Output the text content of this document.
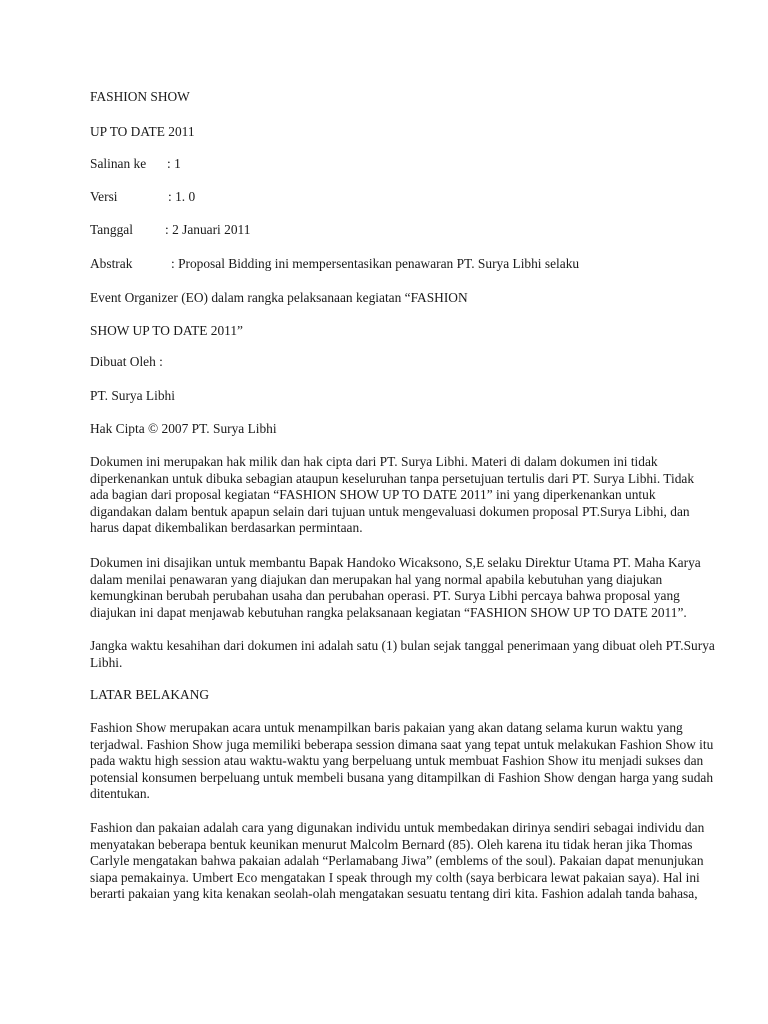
FASHION SHOW
UP TO DATE 2011
Salinan ke : 1
Versi	: 1. 0
Tanggal : 2 Januari 2011
Abstrak	: Proposal Bidding ini mempersentasikan penawaran PT. Surya Libhi selaku
Event Organizer (EO) dalam rangka pelaksanaan kegiatan “FASHION
SHOW UP TO DATE 2011”
Dibuat Oleh :
PT. Surya Libhi
Hak Cipta © 2007 PT. Surya Libhi
Dokumen ini merupakan hak milik dan hak cipta dari PT. Surya Libhi. Materi di dalam dokumen ini tidak
diperkenankan untuk dibuka sebagian ataupun keseluruhan tanpa persetujuan tertulis dari PT. Surya Libhi. Tidak
ada bagian dari proposal kegiatan “FASHION SHOW UP TO DATE 2011” ini yang diperkenankan untuk
digandakan dalam bentuk apapun selain dari tujuan untuk mengevaluasi dokumen proposal PT.Surya Libhi, dan
harus dapat dikembalikan berdasarkan permintaan.
Dokumen ini disajikan untuk membantu Bapak Handoko Wicaksono, S,E selaku Direktur Utama PT. Maha Karya
dalam menilai penawaran yang diajukan dan merupakan hal yang normal apabila kebutuhan yang diajukan
kemungkinan berubah perubahan usaha dan perubahan operasi. PT. Surya Libhi percaya bahwa proposal yang
diajukan ini dapat menjawab kebutuhan rangka pelaksanaan kegiatan “FASHION SHOW UP TO DATE 2011”.
Jangka waktu kesahihan dari dokumen ini adalah satu (1) bulan sejak tanggal penerimaan yang dibuat oleh PT.Surya
Libhi.
LATAR BELAKANG
Fashion Show merupakan acara untuk menampilkan baris pakaian yang akan datang selama kurun waktu yang
terjadwal. Fashion Show juga memiliki beberapa session dimana saat yang tepat untuk melakukan Fashion Show itu
pada waktu high session atau waktu-waktu yang berpeluang untuk membuat Fashion Show itu menjadi sukses dan
potensial konsumen berpeluang untuk membeli busana yang ditampilkan di Fashion Show dengan harga yang sudah
ditentukan.
Fashion dan pakaian adalah cara yang digunakan individu untuk membedakan dirinya sendiri sebagai individu dan
menyatakan beberapa bentuk keunikan menurut Malcolm Bernard (85). Oleh karena itu tidak heran jika Thomas
Carlyle mengatakan bahwa pakaian adalah “Perlamabang Jiwa” (emblems of the soul). Pakaian dapat menunjukan
siapa pemakainya. Umbert Eco mengatakan I speak through my colth (saya berbicara lewat pakaian saya). Hal ini
berarti pakaian yang kita kenakan seolah-olah mengatakan sesuatu tentang diri kita. Fashion adalah tanda bahasa,
